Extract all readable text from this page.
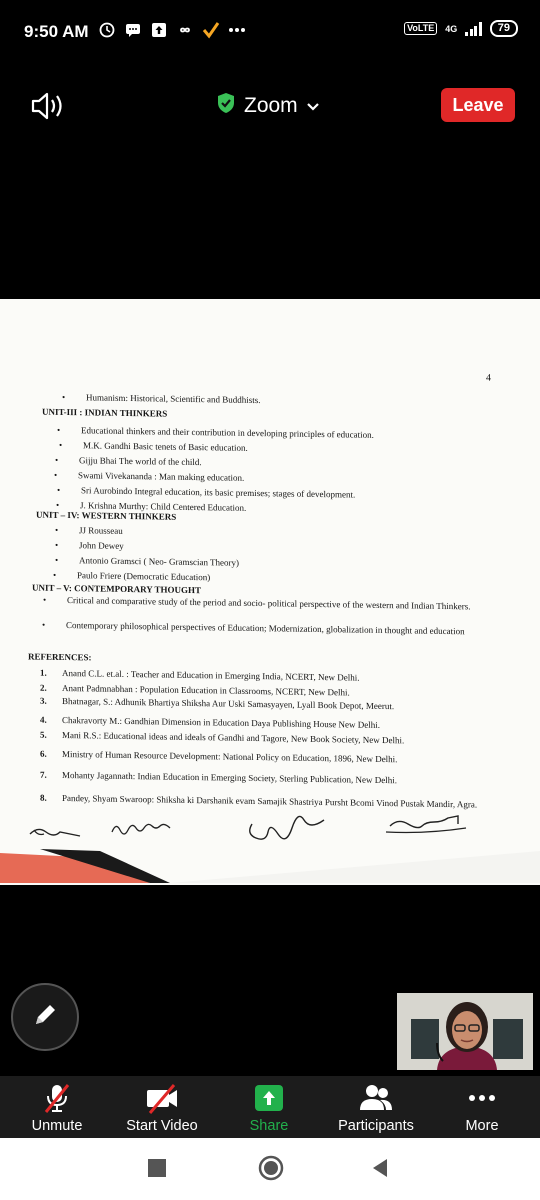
9:50 AM	VoLTE	4G	79
Zoom	Leave
4
• Humanism: Historical, Scientific and Buddhists.
UNIT-III : INDIAN THINKERS
• Educational thinkers and their contribution in developing principles of education.
• M.K. Gandhi Basic tenets of Basic education.
• Gijju Bhai The world of the child.
• Swami Vivekananda : Man making education.
• Sri Aurobindo Integral education, its basic premises; stages of development.
• J. Krishna Murthy: Child Centered Education.
UNIT – IV: WESTERN THINKERS
• JJ Rousseau
• John Dewey
• Antonio Gramsci ( Neo- Gramscian Theory)
• Paulo Friere (Democratic Education)
UNIT – V: CONTEMPORARY THOUGHT
• Critical and comparative study of the period and socio- political perspective of the western and Indian Thinkers.
• Contemporary philosophical perspectives of Education; Modernization, globalization in thought and education
REFERENCES:
1. Anand C.L. et.al. : Teacher and Education in Emerging India, NCERT, New Delhi.
2. Anant Padmnabhan : Population Education in Classrooms, NCERT, New Delhi.
3. Bhatnagar, S.: Adhunik Bhartiya Shiksha Aur Uski Samasyayen, Lyall Book Depot, Meerut.
4. Chakravorty M.: Gandhian Dimension in Education Daya Publishing House New Delhi.
5. Mani R.S.: Educational ideas and ideals of Gandhi and Tagore, New Book Society, New Delhi.
6. Ministry of Human Resource Development: National Policy on Education, 1896, New Delhi.
7. Mohanty Jagannath: Indian Education in Emerging Society, Sterling Publication, New Delhi.
8. Pandey, Shyam Swaroop: Shiksha ki Darshanik evam Samajik Shastriya Pursht Bcomi Vinod Pustak Mandir, Agra.
Unmute	Start Video	Share	Participants	More
